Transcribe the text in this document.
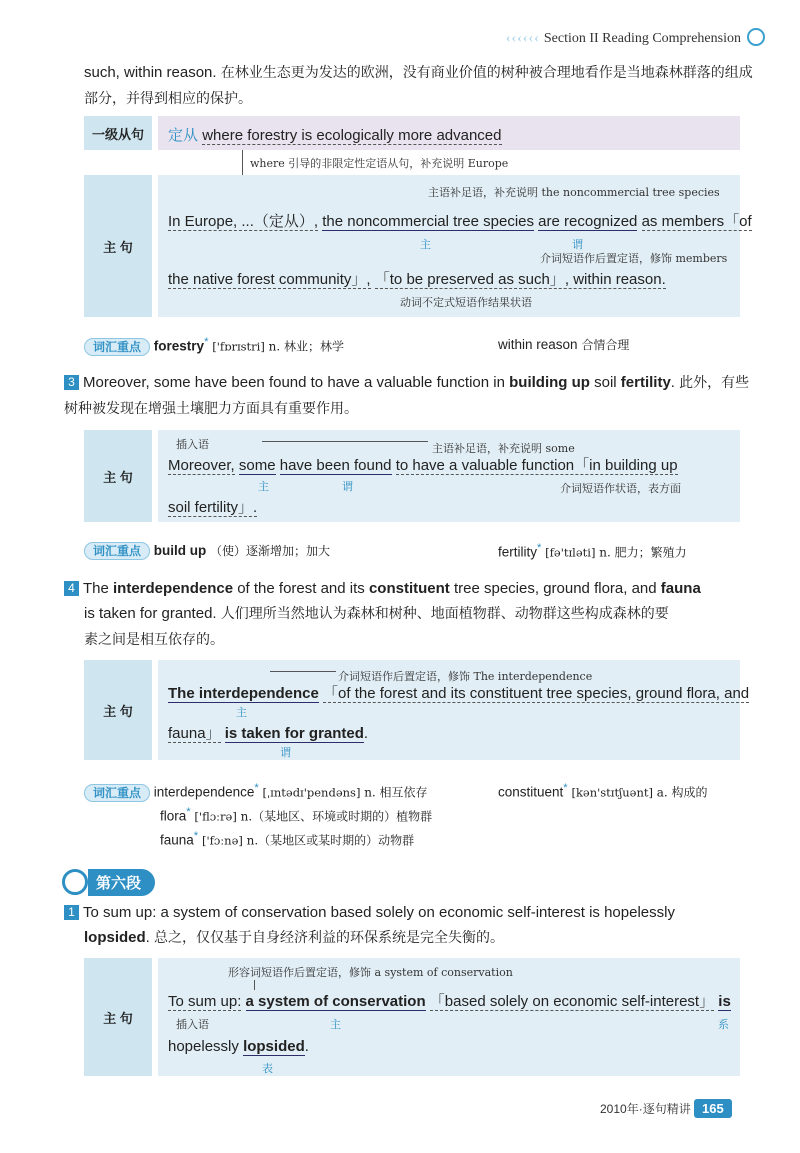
‹‹‹‹‹‹ Section II Reading Comprehension
such, within reason. 在林业生态更为发达的欧洲，没有商业价值的树种被合理地看作是当地森林群落的组成部分，并得到相应的保护。
一级从句	定从 where forestry is ecologically more advanced
where 引导的非限定性定语从句，补充说明 Europe
主 句
主语补足语，补充说明 the noncommercial tree species
In Europe, ...（定从）, the noncommercial tree species are recognized as members「of
主	谓
介词短语作后置定语，修饰 members
the native forest community」, 「to be preserved as such」, within reason.
动词不定式短语作结果状语
词汇重点 forestry* ['fɒrɪstri] n. 林业；林学	within reason 合情合理
3 Moreover, some have been found to have a valuable function in building up soil fertility. 此外，有些树种被发现在增强土壤肥力方面具有重要作用。
主 句
插入语	主语补足语，补充说明 some
Moreover, some have been found to have a valuable function「in building up
主	谓	介词短语作状语，表方面
soil fertility」.
词汇重点 build up （使）逐渐增加；加大	fertility* [fə'tɪləti] n. 肥力；繁殖力
4 The interdependence of the forest and its constituent tree species, ground flora, and fauna
is taken for granted. 人们理所当然地认为森林和树种、地面植物群、动物群这些构成森林的要
素之间是相互依存的。
主 句
介词短语作后置定语，修饰 The interdependence
The interdependence 「of the forest and its constituent tree species, ground flora, and
主
fauna」 is taken for granted.
谓
词汇重点 interdependence* [ˌɪntədɪ'pendəns] n. 相互依存	constituent* [kən'stɪtʃuənt] a. 构成的
flora* ['flɔːrə] n.（某地区、环境或时期的）植物群
fauna* ['fɔːnə] n.（某地区或某时期的）动物群
第六段
1 To sum up: a system of conservation based solely on economic self-interest is hopelessly
lopsided. 总之，仅仅基于自身经济利益的环保系统是完全失衡的。
主 句
形容词短语作后置定语，修饰 a system of conservation
To sum up: a system of conservation 「based solely on economic self-interest」 is
插入语	主	系
hopelessly lopsided.
表
2010年·逐句精讲 165
